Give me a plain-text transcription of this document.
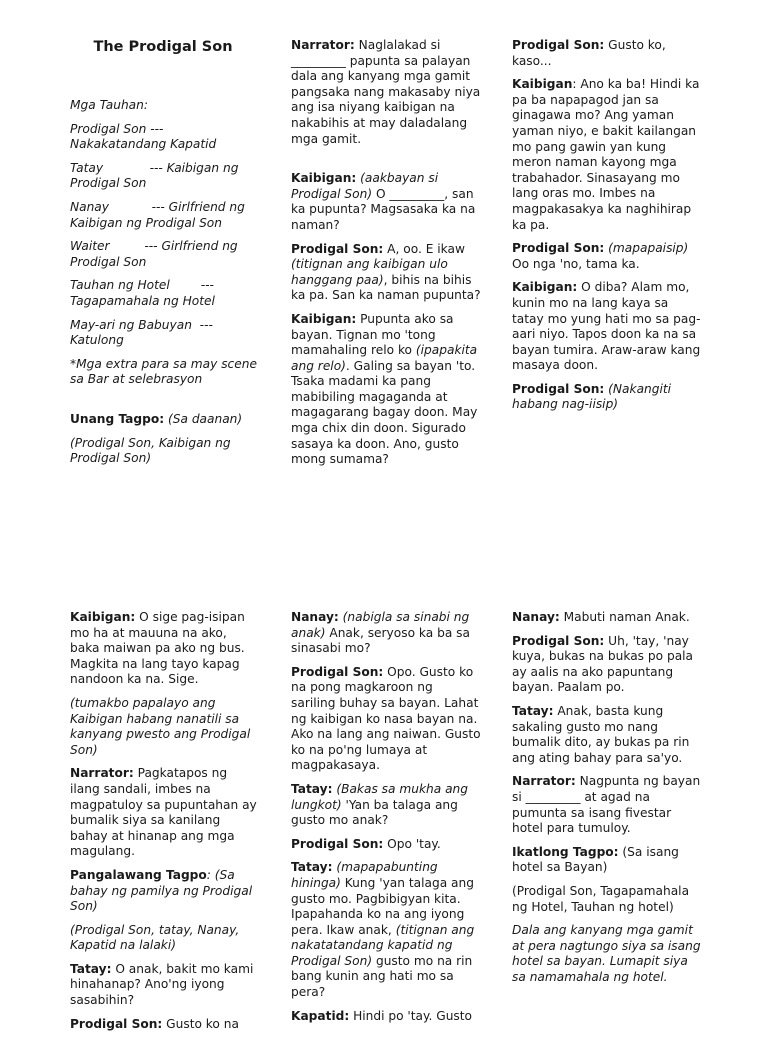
The Prodigal Son

Mga Tauhan:

Prodigal Son --- Nakakatandang Kapatid

Tatay            --- Kaibigan ng Prodigal Son

Nanay           --- Girlfriend ng Kaibigan ng Prodigal Son

Waiter         --- Girlfriend ng Prodigal Son

Tauhan ng Hotel        --- Tagapamahala ng Hotel

May-ari ng Babuyan  --- Katulong

*Mga extra para sa may scene sa Bar at selebrasyon

Unang Tagpo: (Sa daanan)

(Prodigal Son, Kaibigan ng Prodigal Son)

Narrator: Naglalakad si _________ papunta sa palayan dala ang kanyang mga gamit pangsaka nang makasaby niya ang isa niyang kaibigan na nakabihis at may daladalang mga gamit.

Kaibigan: (aakbayan si Prodigal Son) O _________, san ka pupunta? Magsasaka ka na naman?

Prodigal Son: A, oo. E ikaw (titignan ang kaibigan ulo hanggang paa), bihis na bihis ka pa. San ka naman pupunta?

Kaibigan: Pupunta ako sa bayan. Tignan mo 'tong mamahaling relo ko (ipapakita ang relo). Galing sa bayan 'to. Tsaka madami ka pang mabibiling magaganda at magagarang bagay doon. May mga chix din doon. Sigurado sasaya ka doon. Ano, gusto mong sumama?

Prodigal Son: Gusto ko, kaso...

Kaibigan: Ano ka ba! Hindi ka pa ba napapagod jan sa ginagawa mo? Ang yaman yaman niyo, e bakit kailangan mo pang gawin yan kung meron naman kayong mga trabahador. Sinasayang mo lang oras mo. Imbes na magpakasakya ka naghihirap ka pa.

Prodigal Son: (mapapaisip) Oo nga 'no, tama ka.

Kaibigan: O diba? Alam mo, kunin mo na lang kaya sa tatay mo yung hati mo sa pag-aari niyo. Tapos doon ka na sa bayan tumira. Araw-araw kang masaya doon.

Prodigal Son: (Nakangiti habang nag-iisip)

Kaibigan: O sige pag-isipan mo ha at mauuna na ako, baka maiwan pa ako ng bus. Magkita na lang tayo kapag nandoon ka na. Sige.

(tumakbo papalayo ang Kaibigan habang nanatili sa kanyang pwesto ang Prodigal Son)

Narrator: Pagkatapos ng ilang sandali, imbes na magpatuloy sa pupuntahan ay bumalik siya sa kanilang bahay at hinanap ang mga magulang.

Pangalawang Tagpo: (Sa bahay ng pamilya ng Prodigal Son)

(Prodigal Son, tatay, Nanay, Kapatid na lalaki)

Tatay: O anak, bakit mo kami hinahanap? Ano'ng iyong sasabihin?

Prodigal Son: Gusto ko na

Nanay: (nabigla sa sinabi ng anak) Anak, seryoso ka ba sa sinasabi mo?

Prodigal Son: Opo. Gusto ko na pong magkaroon ng sariling buhay sa bayan. Lahat ng kaibigan ko nasa bayan na. Ako na lang ang naiwan. Gusto ko na po'ng lumaya at magpakasaya.

Tatay: (Bakas sa mukha ang lungkot) 'Yan ba talaga ang gusto mo anak?

Prodigal Son: Opo 'tay.

Tatay: (mapapabunting hininga) Kung 'yan talaga ang gusto mo. Pagbibigyan kita. Ipapahanda ko na ang iyong pera. Ikaw anak, (titignan ang nakatatandang kapatid ng Prodigal Son) gusto mo na rin bang kunin ang hati mo sa pera?

Kapatid: Hindi po 'tay. Gusto

Nanay: Mabuti naman Anak.

Prodigal Son: Uh, 'tay, 'nay kuya, bukas na bukas po pala ay aalis na ako papuntang bayan. Paalam po.

Tatay: Anak, basta kung sakaling gusto mo nang bumalik dito, ay bukas pa rin ang ating bahay para sa'yo.

Narrator: Nagpunta ng bayan si _________ at agad na pumunta sa isang fivestar hotel para tumuloy.

Ikatlong Tagpo: (Sa isang hotel sa Bayan)

(Prodigal Son, Tagapamahala ng Hotel, Tauhan ng hotel)

Dala ang kanyang mga gamit at pera nagtungo siya sa isang hotel sa bayan. Lumapit siya sa namamahala ng hotel.
